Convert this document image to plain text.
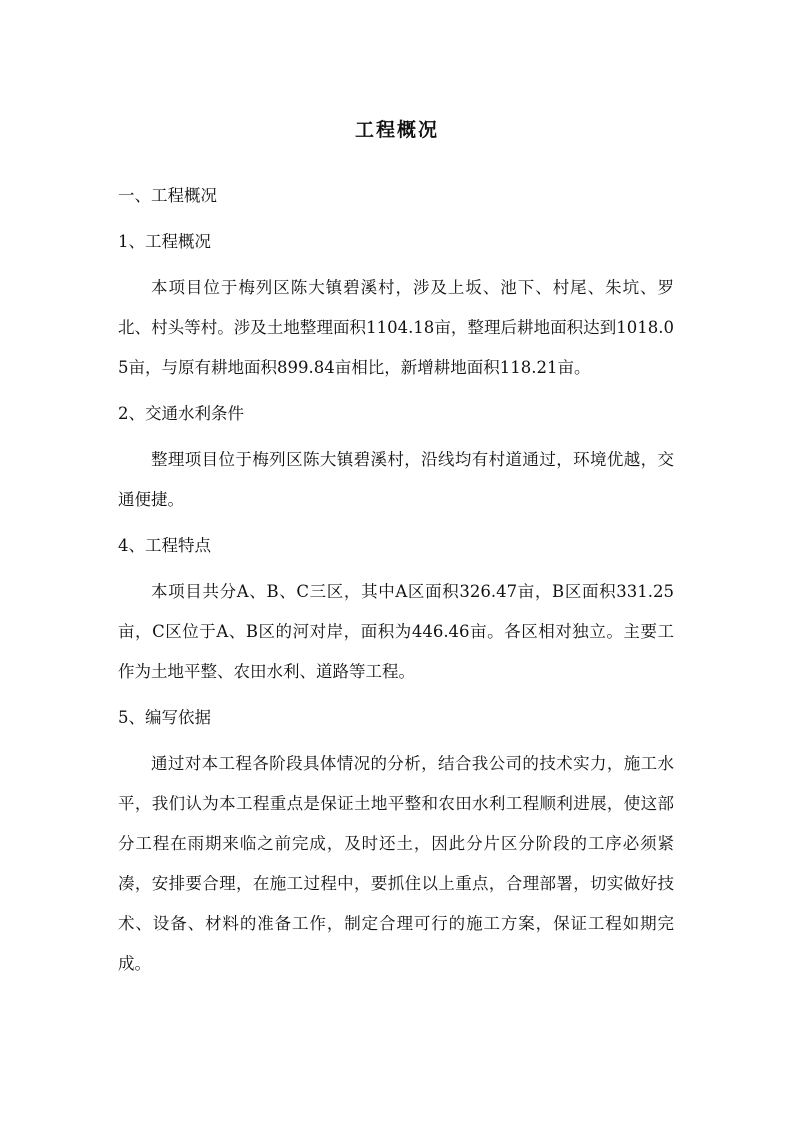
工程概况
一、工程概况
1、工程概况
本项目位于梅列区陈大镇碧溪村，涉及上坂、池下、村尾、朱坑、罗北、村头等村。涉及土地整理面积1104.18亩，整理后耕地面积达到1018.05亩，与原有耕地面积899.84亩相比，新增耕地面积118.21亩。
2、交通水利条件
整理项目位于梅列区陈大镇碧溪村，沿线均有村道通过，环境优越，交通便捷。
4、工程特点
本项目共分A、B、C三区，其中A区面积326.47亩，B区面积331.25亩，C区位于A、B区的河对岸，面积为446.46亩。各区相对独立。主要工作为土地平整、农田水利、道路等工程。
5、编写依据
通过对本工程各阶段具体情况的分析，结合我公司的技术实力，施工水平，我们认为本工程重点是保证土地平整和农田水利工程顺利进展，使这部分工程在雨期来临之前完成，及时还土，因此分片区分阶段的工序必须紧凑，安排要合理，在施工过程中，要抓住以上重点，合理部署，切实做好技术、设备、材料的准备工作，制定合理可行的施工方案，保证工程如期完成。
